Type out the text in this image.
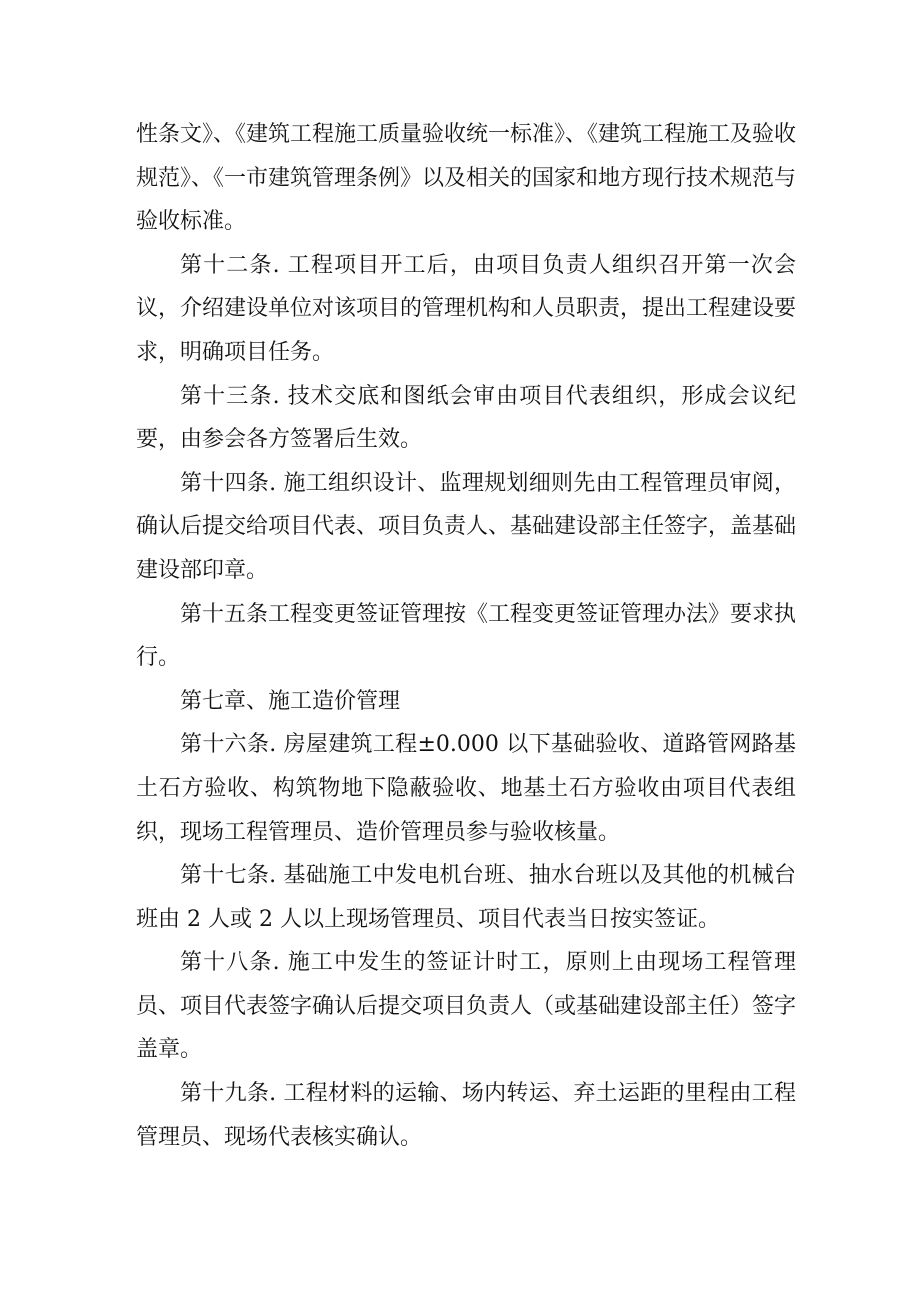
性条文》、《建筑工程施工质量验收统一标准》、《建筑工程施工及验收规范》、《一市建筑管理条例》以及相关的国家和地方现行技术规范与验收标准。

第十二条. 工程项目开工后，由项目负责人组织召开第一次会议，介绍建设单位对该项目的管理机构和人员职责，提出工程建设要求，明确项目任务。

第十三条. 技术交底和图纸会审由项目代表组织，形成会议纪要，由参会各方签署后生效。

第十四条. 施工组织设计、监理规划细则先由工程管理员审阅，确认后提交给项目代表、项目负责人、基础建设部主任签字，盖基础建设部印章。

第十五条工程变更签证管理按《工程变更签证管理办法》要求执行。

第七章、施工造价管理

第十六条. 房屋建筑工程±0.000 以下基础验收、道路管网路基土石方验收、构筑物地下隐蔽验收、地基土石方验收由项目代表组织，现场工程管理员、造价管理员参与验收核量。

第十七条. 基础施工中发电机台班、抽水台班以及其他的机械台班由 2 人或 2 人以上现场管理员、项目代表当日按实签证。

第十八条. 施工中发生的签证计时工，原则上由现场工程管理员、项目代表签字确认后提交项目负责人（或基础建设部主任）签字盖章。

第十九条. 工程材料的运输、场内转运、弃土运距的里程由工程管理员、现场代表核实确认。
